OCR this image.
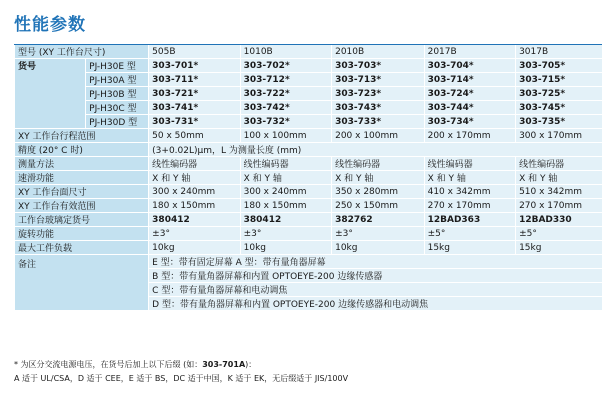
性能参数
型号 (XY 工作台尺寸)		505B	1010B	2010B	2017B	3017B
货号	PJ-H30E 型	303-701*	303-702*	303-703*	303-704*	303-705*
	PJ-H30A 型	303-711*	303-712*	303-713*	303-714*	303-715*
	PJ-H30B 型	303-721*	303-722*	303-723*	303-724*	303-725*
	PJ-H30C 型	303-741*	303-742*	303-743*	303-744*	303-745*
	PJ-H30D 型	303-731*	303-732*	303-733*	303-734*	303-735*
XY 工作台行程范围		50 x 50mm	100 x 100mm	200 x 100mm	200 x 170mm	300 x 170mm
精度 (20° C 时)		(3+0.02L)μm，L 为测量长度 (mm)				
测量方法		线性编码器	线性编码器	线性编码器	线性编码器	线性编码器
速滑功能		X 和 Y 轴	X 和 Y 轴	X 和 Y 轴	X 和 Y 轴	X 和 Y 轴
XY 工作台面尺寸		300 x 240mm	300 x 240mm	350 x 280mm	410 x 342mm	510 x 342mm
XY 工作台有效范围		180 x 150mm	180 x 150mm	250 x 150mm	270 x 170mm	270 x 170mm
工作台玻璃定货号		380412	380412	382762	12BAD363	12BAD330
旋转功能		±3°	±3°	±3°	±5°	±5°
最大工件负载		10kg	10kg	10kg	15kg	15kg
备注		E 型：带有固定屏幕 A 型：带有量角器屏幕				
		B 型：带有量角器屏幕和内置 OPTOEYE-200 边缘传感器				
		C 型：带有量角器屏幕和电动调焦				
		D 型：带有量角器屏幕和内置 OPTOEYE-200 边缘传感器和电动调焦				
* 为区分交流电源电压，在货号后加上以下后缀 (如：303-701A)：
A 适于 UL/CSA，D 适于 CEE，E 适于 BS，DC 适于中国，K 适于 EK，无后缀适于 JIS/100V
